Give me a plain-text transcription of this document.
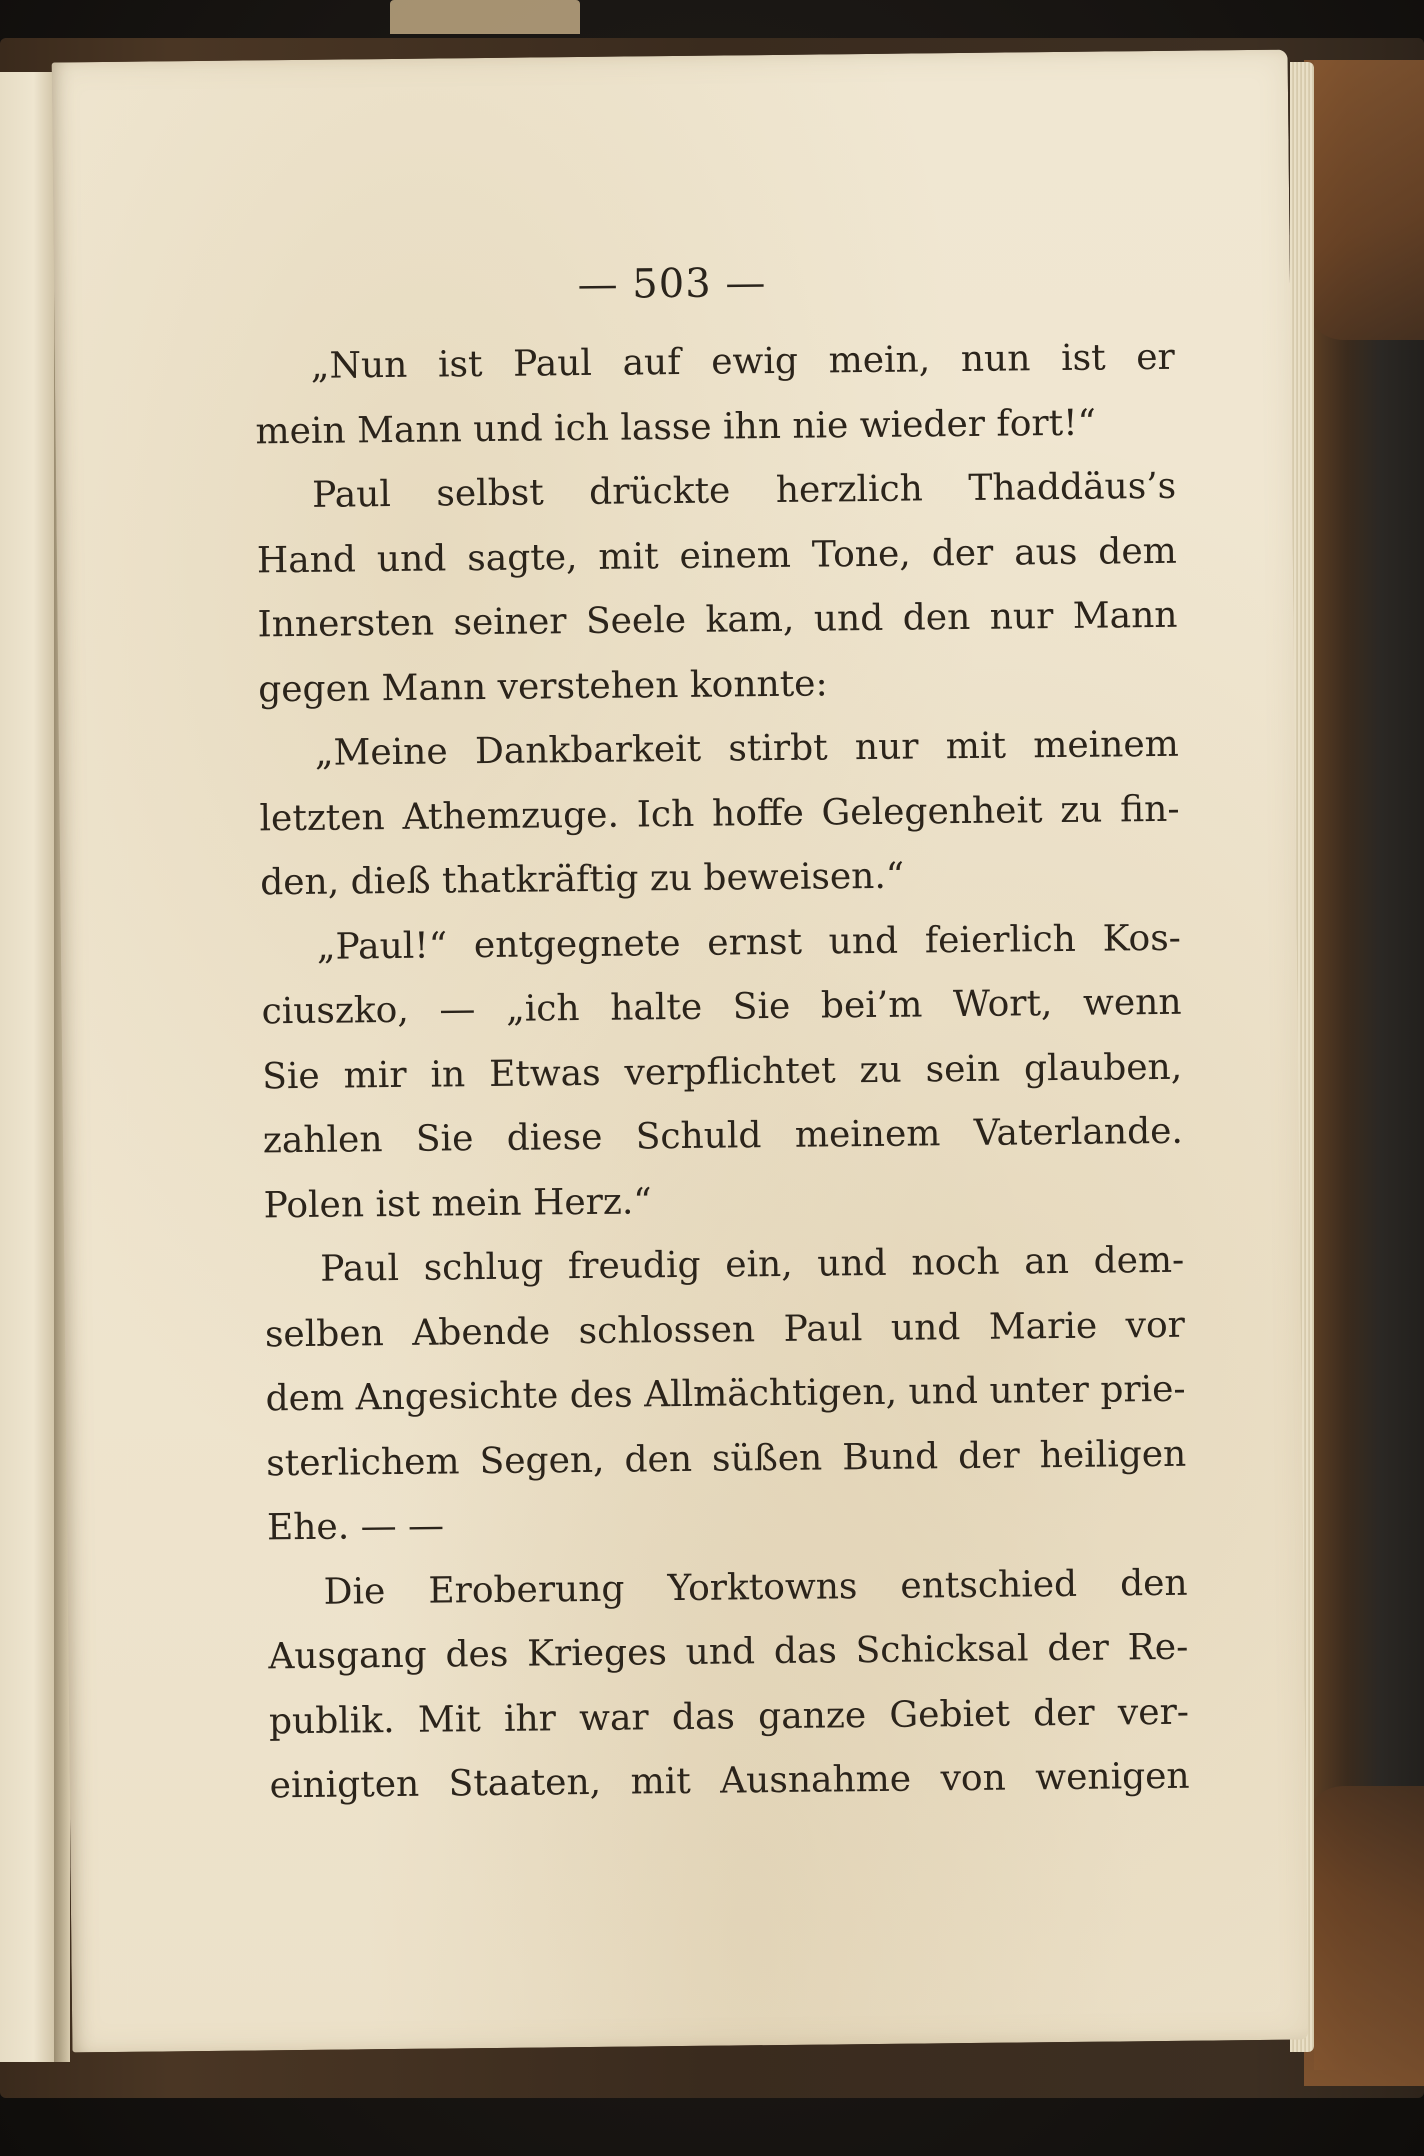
— 503 —
„Nun ist Paul auf ewig mein, nun ist er
mein Mann und ich lasse ihn nie wieder fort!“
Paul selbst drückte herzlich Thaddäus’s
Hand und sagte, mit einem Tone, der aus dem
Innersten seiner Seele kam, und den nur Mann
gegen Mann verstehen konnte:
„Meine Dankbarkeit stirbt nur mit meinem
letzten Athemzuge. Ich hoffe Gelegenheit zu fin-
den, dieß thatkräftig zu beweisen.“
„Paul!“ entgegnete ernst und feierlich Kos-
ciuszko, — „ich halte Sie bei’m Wort, wenn
Sie mir in Etwas verpflichtet zu sein glauben,
zahlen Sie diese Schuld meinem Vaterlande.
Polen ist mein Herz.“
Paul schlug freudig ein, und noch an dem-
selben Abende schlossen Paul und Marie vor
dem Angesichte des Allmächtigen, und unter prie-
sterlichem Segen, den süßen Bund der heiligen
Ehe. — —
Die Eroberung Yorktowns entschied den
Ausgang des Krieges und das Schicksal der Re-
publik. Mit ihr war das ganze Gebiet der ver-
einigten Staaten, mit Ausnahme von wenigen
